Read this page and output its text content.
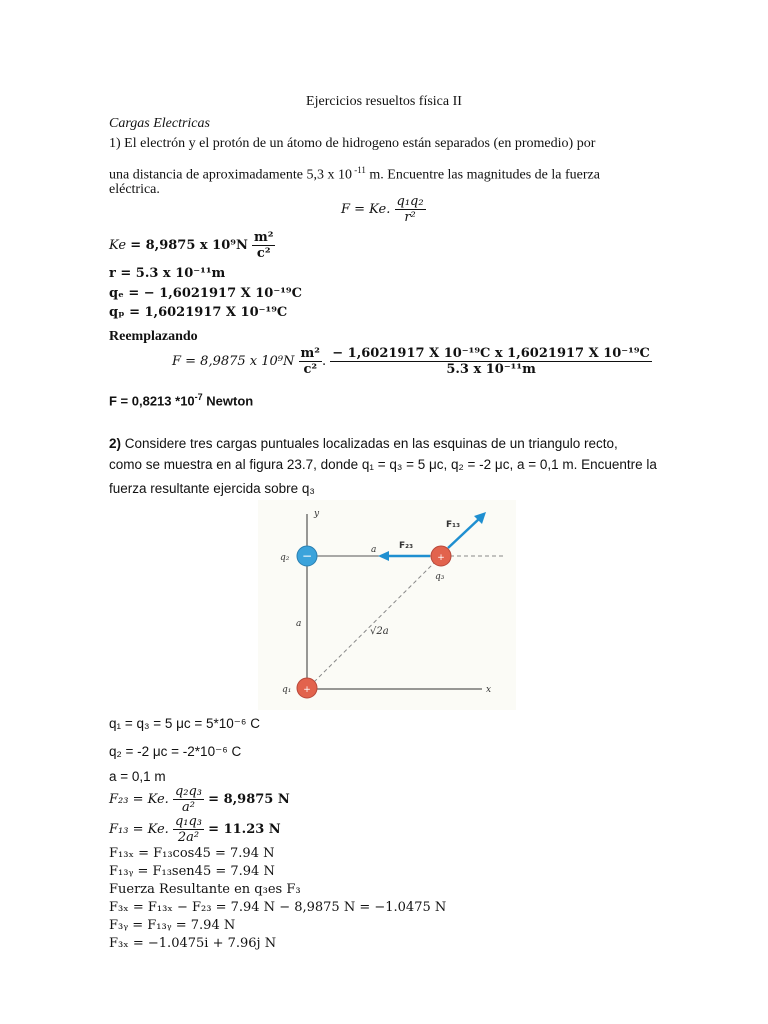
Ejercicios resueltos física II
Cargas Electricas
1) El electrón y el protón de un átomo de hidrogeno están separados (en promedio) por
una distancia de aproximadamente 5,3 x 10 $^{-11}$ m. Encuentre las magnitudes de la fuerza
eléctrica.
F = Ke. $\frac{\text{q₁q₂}}{\text{r²}}$
Ke = 8,9875 x $10^9N \frac{\text{m²}}{\text{c²}}$
r = 5.3 x 10⁻¹¹m
qₑ = − 1,6021917 X 10⁻¹⁹C
qₚ = 1,6021917 X 10⁻¹⁹C
Reemplazando
F = 8,9875 x $10^9N \frac{\text{m²}}{\text{c²}}$ . $\frac{\text{− 1,6021917 X 10⁻¹⁹C x 1,6021917 X 10⁻¹⁹C}}{\text{5.3 x 10⁻¹¹m}}$
F = 0,8213 $*10^{-7}$ Newton
2) Considere tres cargas puntuales localizadas en las esquinas de un triangulo recto,
como se muestra en al figura 23.7, donde q₁ = q₃ = 5 μc, q₂ = -2 μc, a = 0,1 m. Encuentre la
fuerza resultante ejercida sobre q₃
−	+
+
y
x
q₂
q₁
q₃
a
a
√2a
F₂₃
F₁₃
q₁ = q₃ = 5 μc = 5*10⁻⁶ C
q₂ = -2 μc = -2*10⁻⁶ C
a = 0,1 m
F₂₃ = Ke. $\frac{\text{q₂q₃}}{\text{a²}} = 8,9875$ N
F₁₃ = Ke. $\frac{\text{q₁q₃}}{\text{2a²}} = 11.23$ N
F₁₃ₓ = F₁₃cos45 = 7.94 N
F₁₃ᵧ = F₁₃sen45 = 7.94 N
Fuerza Resultante en q₃es F₃
F₃ₓ = F₁₃ₓ − F₂₃ = 7.94 N − 8,9875 N = −1.0475 N
F₃ᵧ = F₁₃ᵧ = 7.94 N
F₃ₓ = −1.0475i + 7.96j N
